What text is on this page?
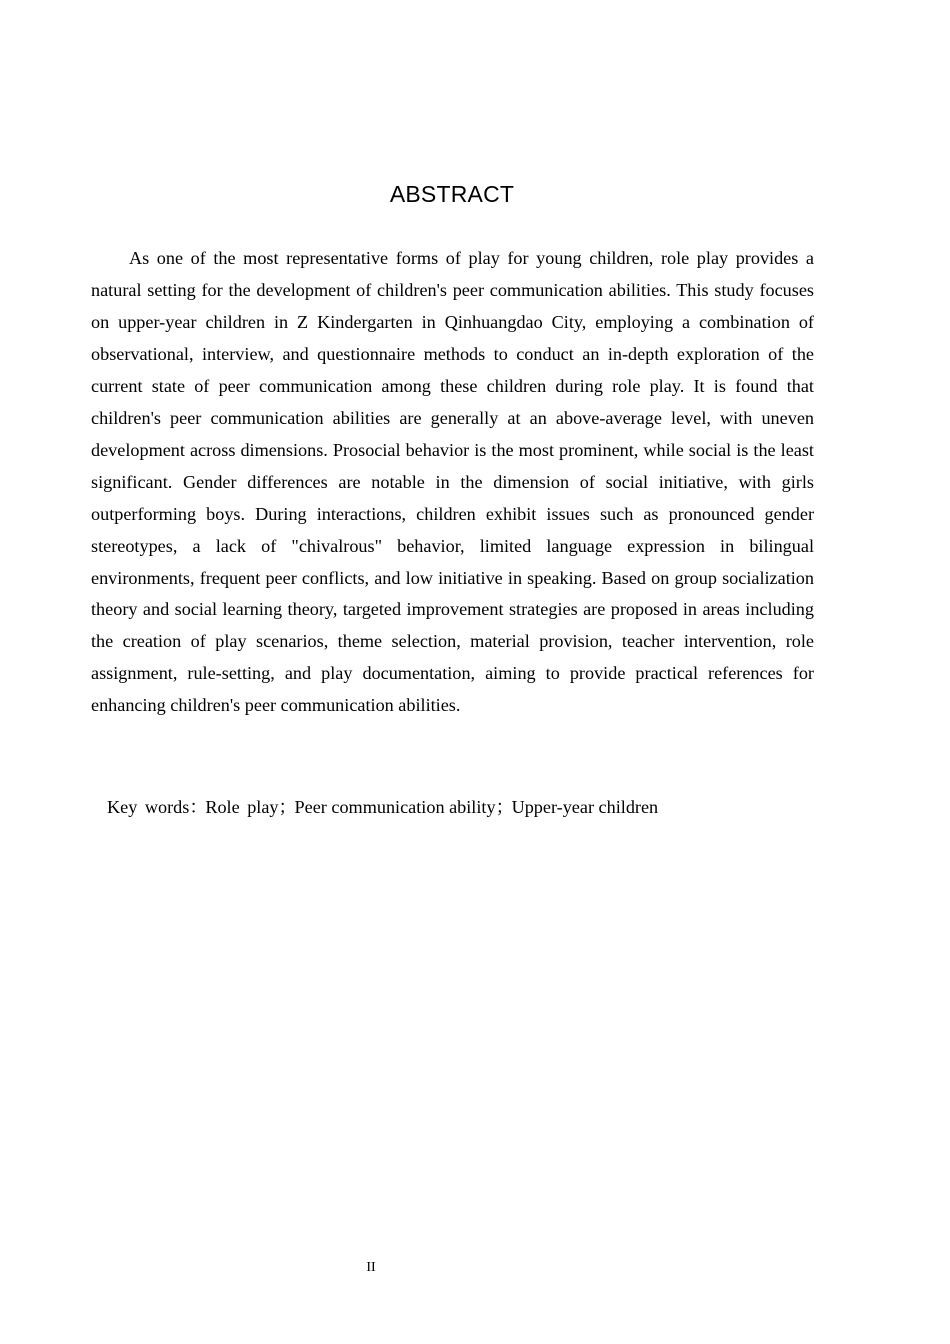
ABSTRACT

As one of the most representative forms of play for young children, role play provides a natural setting for the development of children's peer communication abilities. This study focuses on upper-year children in Z Kindergarten in Qinhuangdao City, employing a combination of observational, interview, and questionnaire methods to conduct an in-depth exploration of the current state of peer communication among these children during role play. It is found that children's peer communication abilities are generally at an above-average level, with uneven development across dimensions. Prosocial behavior is the most prominent, while social is the least significant. Gender differences are notable in the dimension of social initiative, with girls outperforming boys. During interactions, children exhibit issues such as pronounced gender stereotypes, a lack of "chivalrous" behavior, limited language expression in bilingual environments, frequent peer conflicts, and low initiative in speaking. Based on group socialization theory and social learning theory, targeted improvement strategies are proposed in areas including the creation of play scenarios, theme selection, material provision, teacher intervention, role assignment, rule-setting, and play documentation, aiming to provide practical references for enhancing children's peer communication abilities.

Key words：Role play；Peer communication ability；Upper-year children
II
